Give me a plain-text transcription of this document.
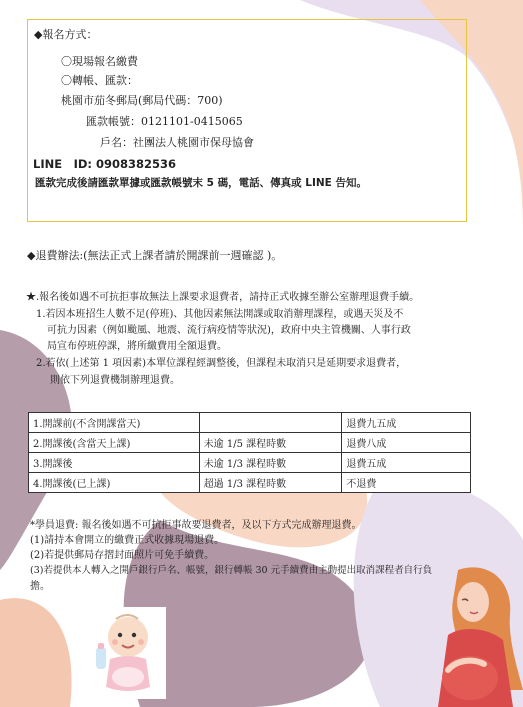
◆報名方式：
〇現場報名繳費
〇轉帳、匯款：
桃園市茄冬郵局(郵局代碼：700)
匯款帳號：0121101-0415065
戶名：社團法人桃園市保母協會
LINE　ID: 0908382536
匯款完成後請匯款單據或匯款帳號末 5 碼，電話、傳真或 LINE 告知。
◆退費辦法:(無法正式上課者請於開課前一週確認 )。
★.報名後如遇不可抗拒事故無法上課要求退費者，請持正式收據至辦公室辦理退費手續。
1.若因本班招生人數不足(停班)、其他因素無法開課或取消辦理課程，或遇天災及不
可抗力因素（例如颱風、地震、流行病疫情等狀況)，政府中央主管機關、人事行政
局宣布停班停課，將所繳費用全額退費。
2.若依(上述第 1 項因素)本單位課程經調整後，但課程未取消只是延期要求退費者，
則依下列退費機制辦理退費。
1.開課前(不含開課當天)		退費九五成
2.開課後(含當天上課)	未逾 1/5 課程時數	退費八成
3.開課後	未逾 1/3 課程時數	退費五成
4.開課後(已上課)	超過 1/3 課程時數	不退費
*學員退費: 報名後如遇不可抗拒事故要退費者，及以下方式完成辦理退費。
(1)請持本會開立的繳費正式收據現場退費。
(2)若提供郵局存摺封面照片可免手續費。
(3)若提供本人轉入之開戶銀行戶名、帳號，銀行轉帳 30 元手續費由主動提出取消課程者自行負
擔。
